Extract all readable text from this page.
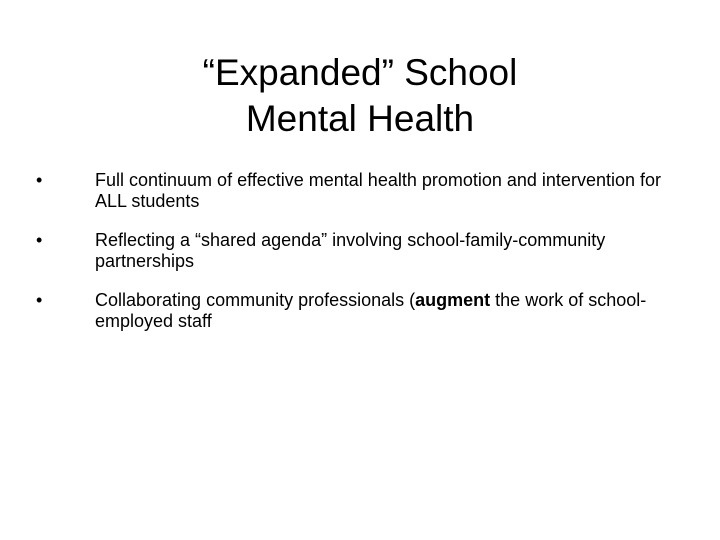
“Expanded” School
Mental Health
•	Full continuum of effective mental health promotion and intervention for ALL students
•	Reflecting a “shared agenda” involving school-family-community partnerships
•	Collaborating community professionals (augment the work of school-employed staff
